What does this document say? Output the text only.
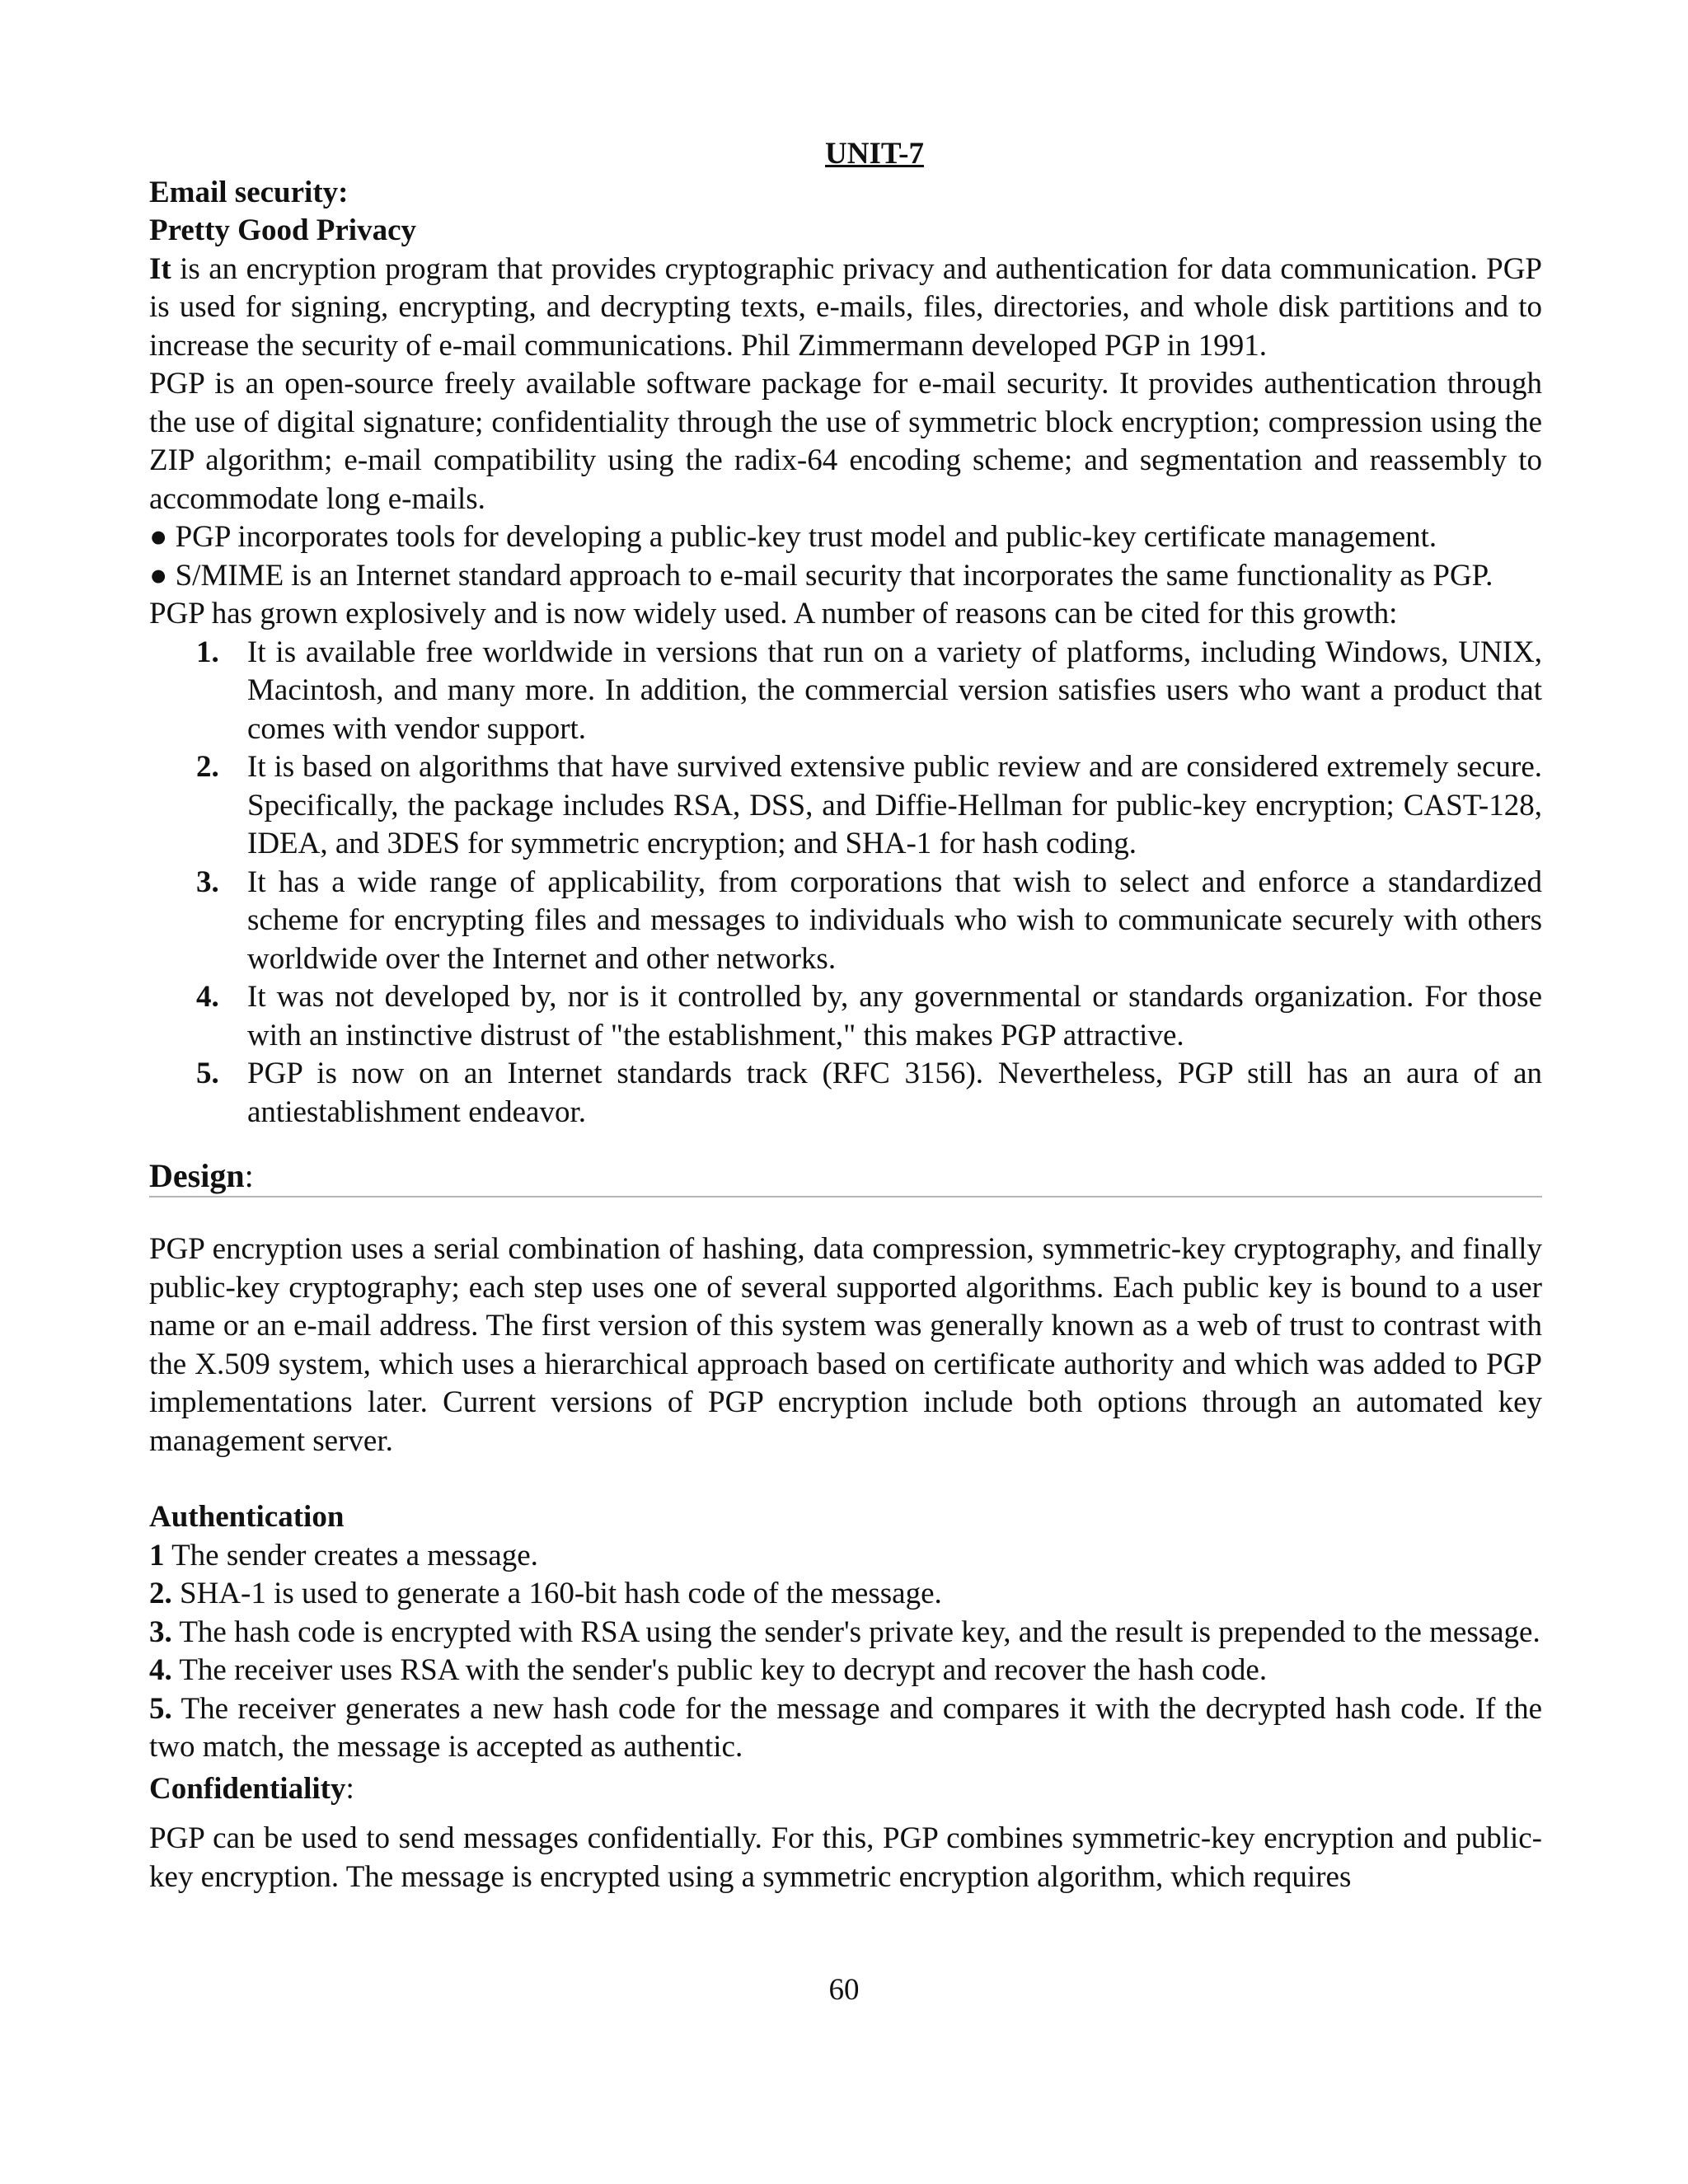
UNIT-7

Email security:

Pretty Good Privacy

It is an encryption program that provides cryptographic privacy and authentication for data communication. PGP is used for signing, encrypting, and decrypting texts, e-mails, files, directories, and whole disk partitions and to increase the security of e-mail communications. Phil Zimmermann developed PGP in 1991.

PGP is an open-source freely available software package for e-mail security. It provides authentication through the use of digital signature; confidentiality through the use of symmetric block encryption; compression using the ZIP algorithm; e-mail compatibility using the radix-64 encoding scheme; and segmentation and reassembly to accommodate long e-mails.

● PGP incorporates tools for developing a public-key trust model and public-key certificate management.

● S/MIME is an Internet standard approach to e-mail security that incorporates the same functionality as PGP.

PGP has grown explosively and is now widely used. A number of reasons can be cited for this growth:

1. It is available free worldwide in versions that run on a variety of platforms, including Windows, UNIX, Macintosh, and many more. In addition, the commercial version satisfies users who want a product that comes with vendor support.
2. It is based on algorithms that have survived extensive public review and are considered extremely secure. Specifically, the package includes RSA, DSS, and Diffie-Hellman for public-key encryption; CAST-128, IDEA, and 3DES for symmetric encryption; and SHA-1 for hash coding.
3. It has a wide range of applicability, from corporations that wish to select and enforce a standardized scheme for encrypting files and messages to individuals who wish to communicate securely with others worldwide over the Internet and other networks.
4. It was not developed by, nor is it controlled by, any governmental or standards organization. For those with an instinctive distrust of "the establishment," this makes PGP attractive.
5. PGP is now on an Internet standards track (RFC 3156). Nevertheless, PGP still has an aura of an antiestablishment endeavor.

Design:

PGP encryption uses a serial combination of hashing, data compression, symmetric-key cryptography, and finally public-key cryptography; each step uses one of several supported algorithms. Each public key is bound to a user name or an e-mail address. The first version of this system was generally known as a web of trust to contrast with the X.509 system, which uses a hierarchical approach based on certificate authority and which was added to PGP implementations later. Current versions of PGP encryption include both options through an automated key management server.

Authentication

1 The sender creates a message.

2. SHA-1 is used to generate a 160-bit hash code of the message.

3. The hash code is encrypted with RSA using the sender's private key, and the result is prepended to the message.

4. The receiver uses RSA with the sender's public key to decrypt and recover the hash code.

5. The receiver generates a new hash code for the message and compares it with the decrypted hash code. If the two match, the message is accepted as authentic.

Confidentiality:

PGP can be used to send messages confidentially. For this, PGP combines symmetric-key encryption and public-key encryption. The message is encrypted using a symmetric encryption algorithm, which requires

60
